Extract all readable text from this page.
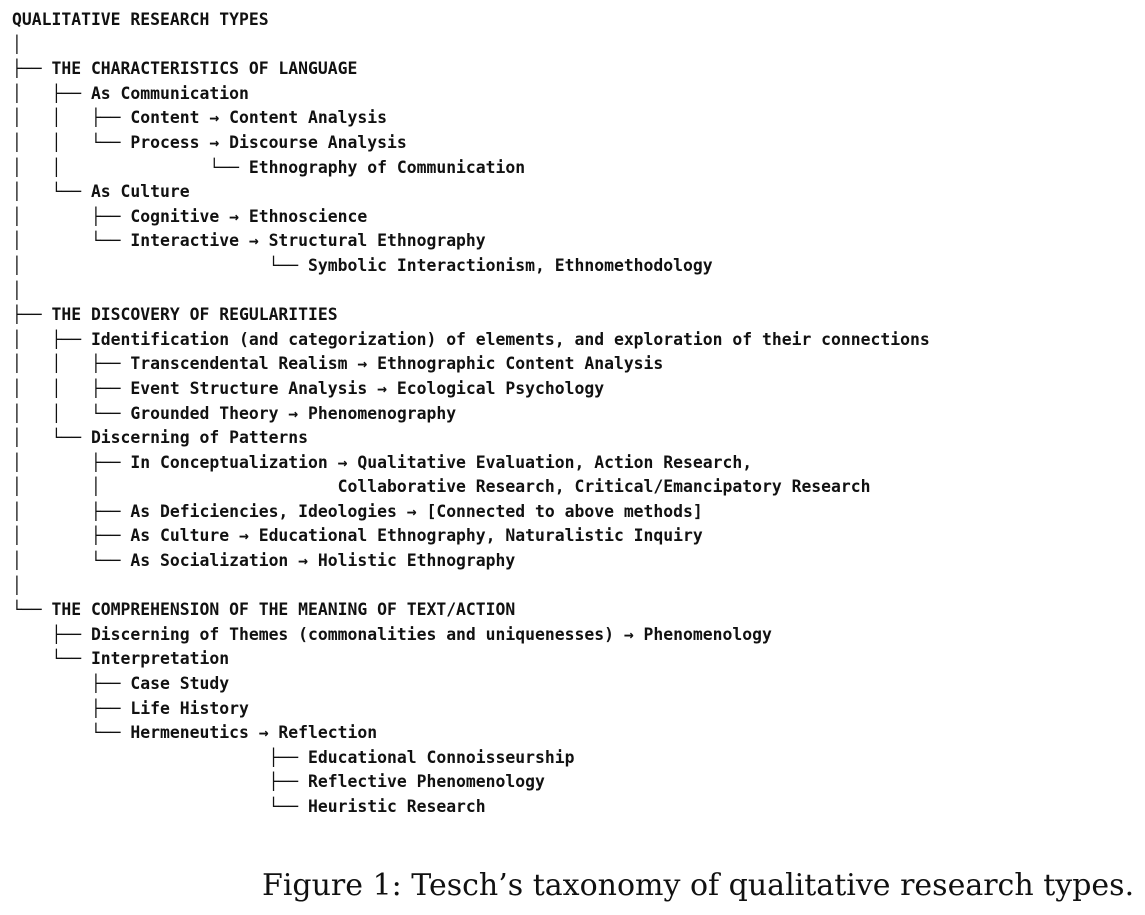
QUALITATIVE RESEARCH TYPES
│
├── THE CHARACTERISTICS OF LANGUAGE
│   ├── As Communication
│   │   ├── Content → Content Analysis
│   │   └── Process → Discourse Analysis
│   │               └── Ethnography of Communication
│   └── As Culture
│       ├── Cognitive → Ethnoscience
│       └── Interactive → Structural Ethnography
│                         └── Symbolic Interactionism, Ethnomethodology
│
├── THE DISCOVERY OF REGULARITIES
│   ├── Identification (and categorization) of elements, and exploration of their connections
│   │   ├── Transcendental Realism → Ethnographic Content Analysis
│   │   ├── Event Structure Analysis → Ecological Psychology
│   │   └── Grounded Theory → Phenomenography
│   └── Discerning of Patterns
│       ├── In Conceptualization → Qualitative Evaluation, Action Research,
│       │                        Collaborative Research, Critical/Emancipatory Research
│       ├── As Deficiencies, Ideologies → [Connected to above methods]
│       ├── As Culture → Educational Ethnography, Naturalistic Inquiry
│       └── As Socialization → Holistic Ethnography
│
└── THE COMPREHENSION OF THE MEANING OF TEXT/ACTION
├── Discerning of Themes (commonalities and uniquenesses) → Phenomenology
└── Interpretation
├── Case Study
├── Life History
└── Hermeneutics → Reflection
├── Educational Connoisseurship
├── Reflective Phenomenology
└── Heuristic Research
Figure 1: Tesch’s taxonomy of qualitative research types.
